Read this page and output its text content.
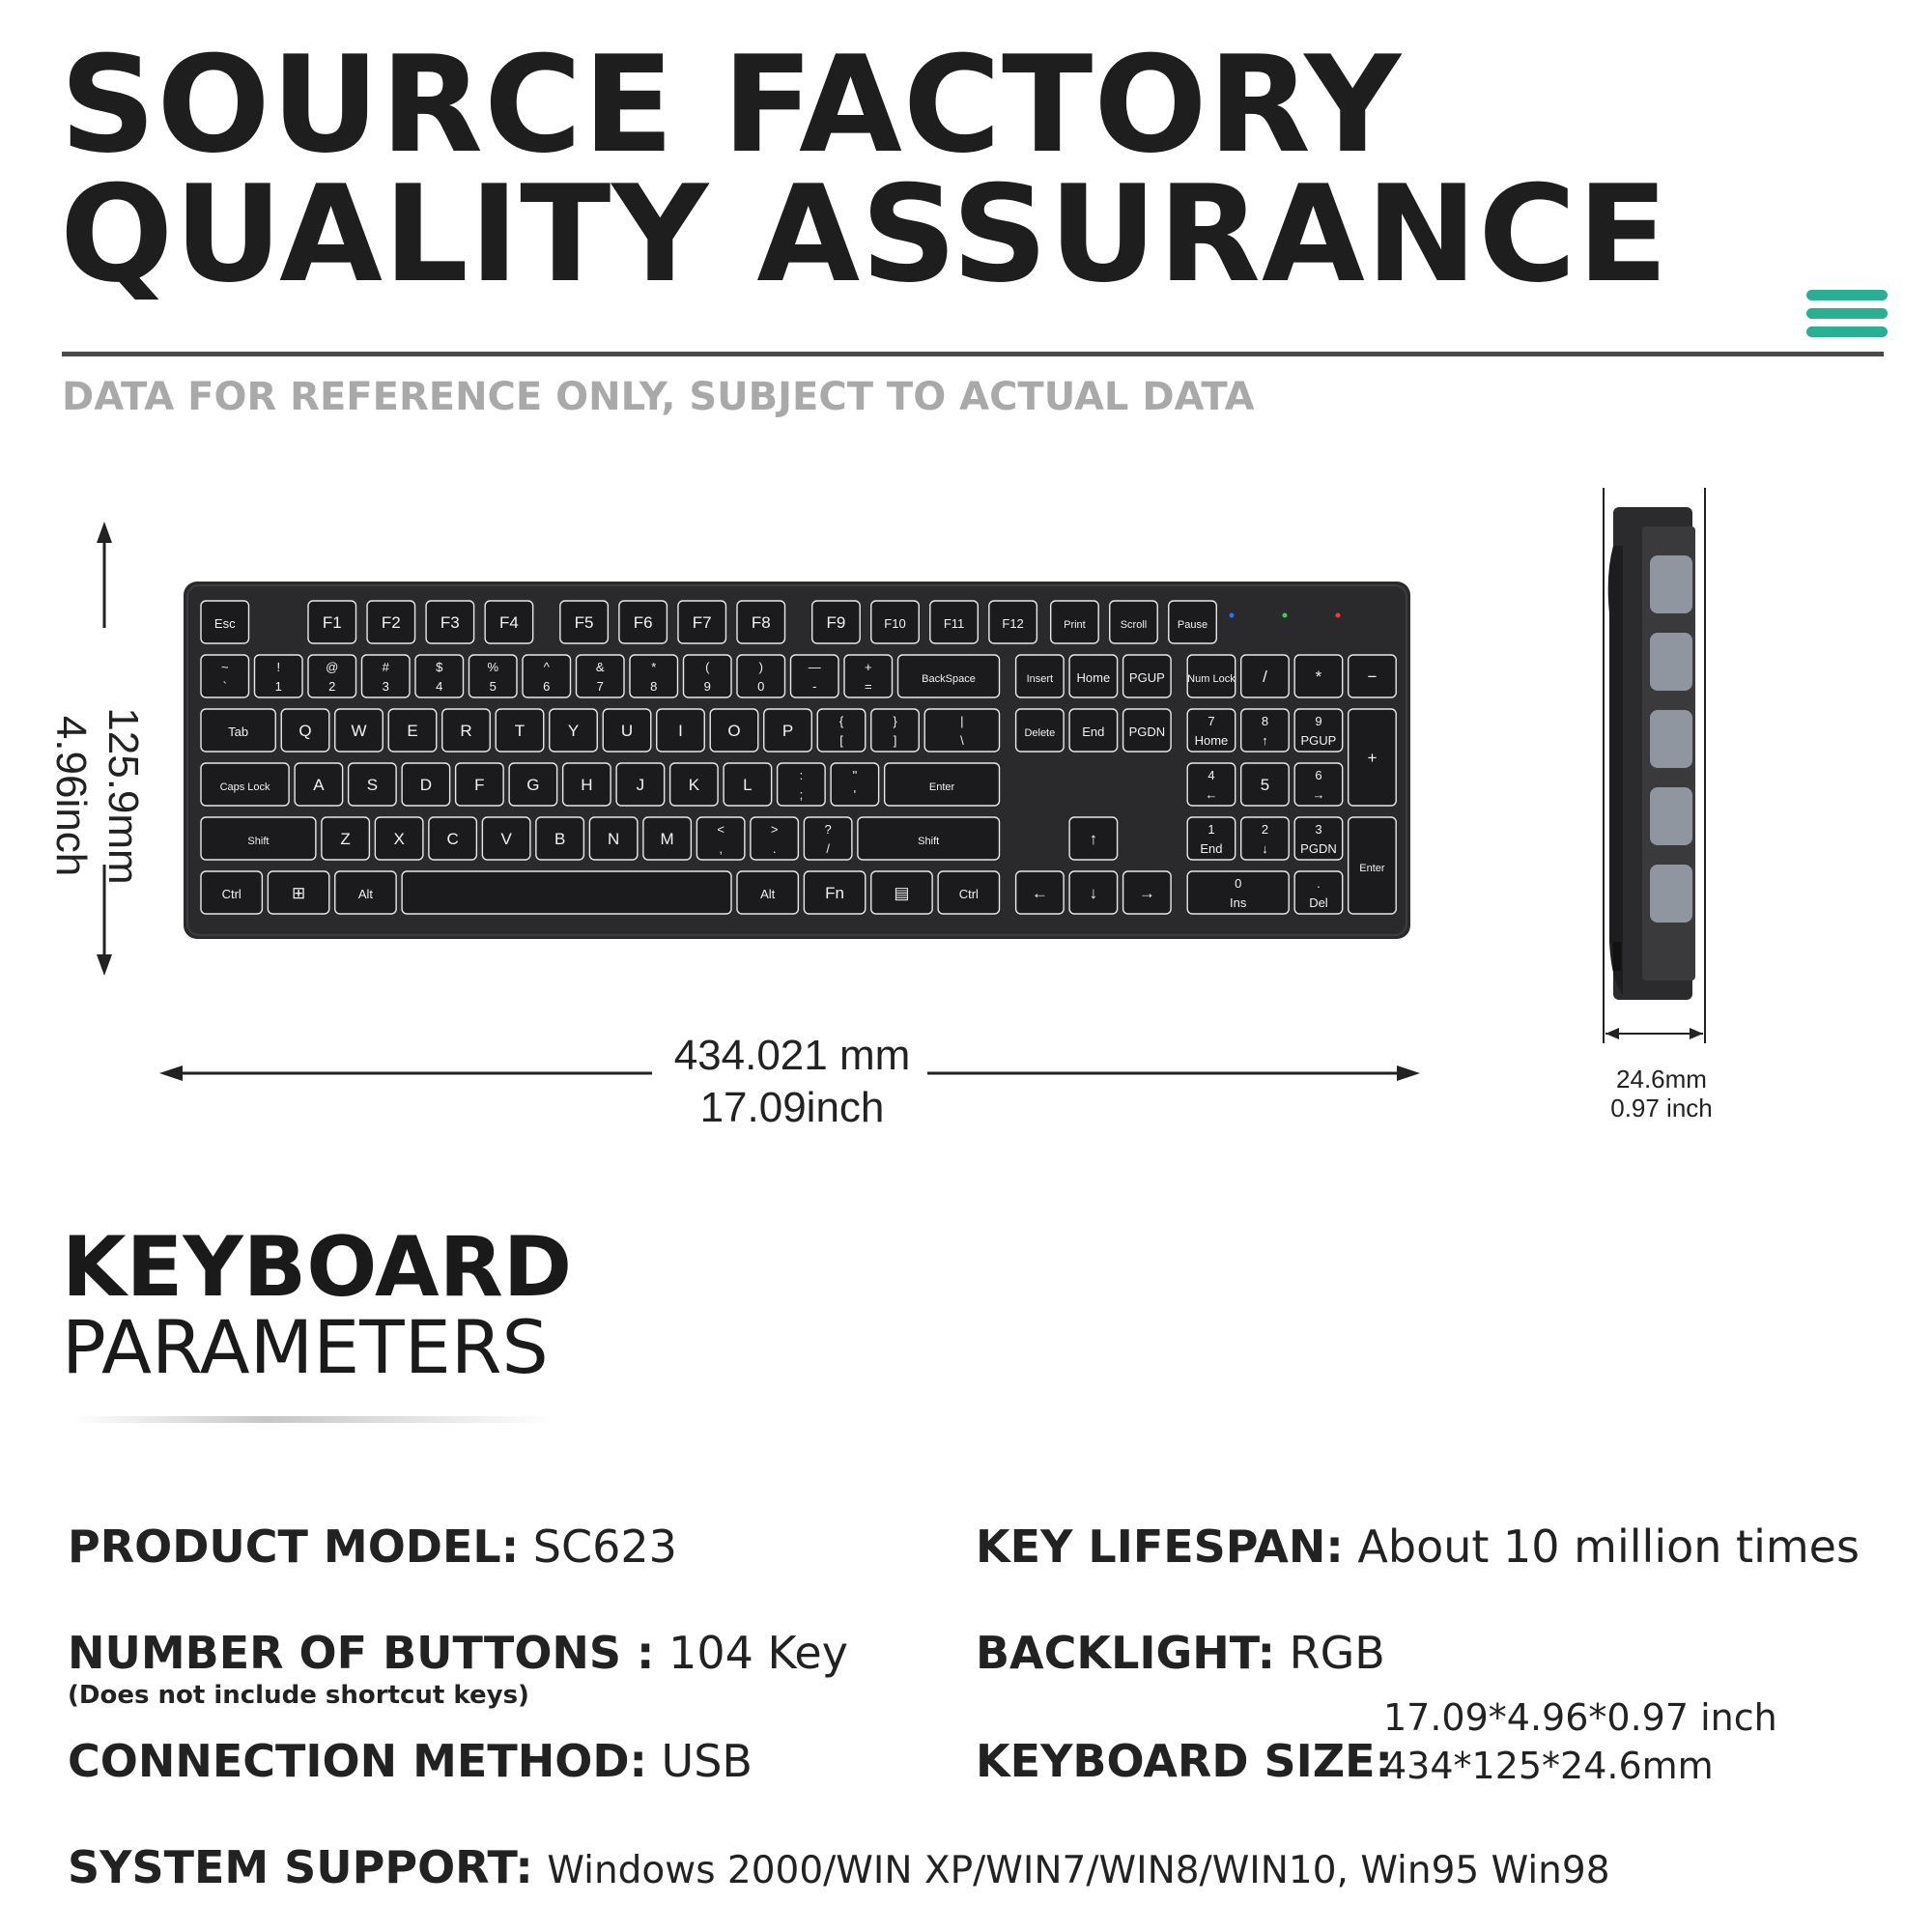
SOURCE FACTORY
QUALITY ASSURANCE
DATA FOR REFERENCE ONLY, SUBJECT TO ACTUAL DATA
125.9mm
4.96inch
Esc	F1 F2 F3 F4	F5 F6 F7 F8	F9	F10	F11	F12	Print	Scroll	Pause
~
`
!
1
@
2
#
3
$
4
%
5
^
6
&
7
*
8
(
9
)
0
—
-
+
=	BackSpace	Insert Home PGUP Num Lock /	*	−
Tab	Q W E	R	T	Y	U	I	O	P
{
[
}
]
|
\	Delete End PGDN
7
Home
8
↑
9
PGUP
+
Caps Lock	A	S	D	F	G	H	J	K	L
:
;
"
'	Enter
4
←
5
6
→
Shift	Z	X	C	V	B	N M
<
,
>
.
?
/	Shift	↑
1
End
2
↓
3
PGDN
Enter
Ctrl	⊞	Alt	Alt	Fn	▤	Ctrl	←	↓	→
0
Ins
.
Del
434.021 mm
17.09inch
24.6mm
0.97 inch
KEYBOARD
PARAMETERS
PRODUCT MODEL: SC623	KEY LIFESPAN: About 10 million times
NUMBER OF BUTTONS : 104 Key
(Does not include shortcut keys)
BACKLIGHT: RGB
CONNECTION METHOD: USB	KEYBOARD SIZE:
17.09*4.96*0.97 inch
434*125*24.6mm
SYSTEM SUPPORT: Windows 2000/WIN XP/WIN7/WIN8/WIN10, Win95 Win98
